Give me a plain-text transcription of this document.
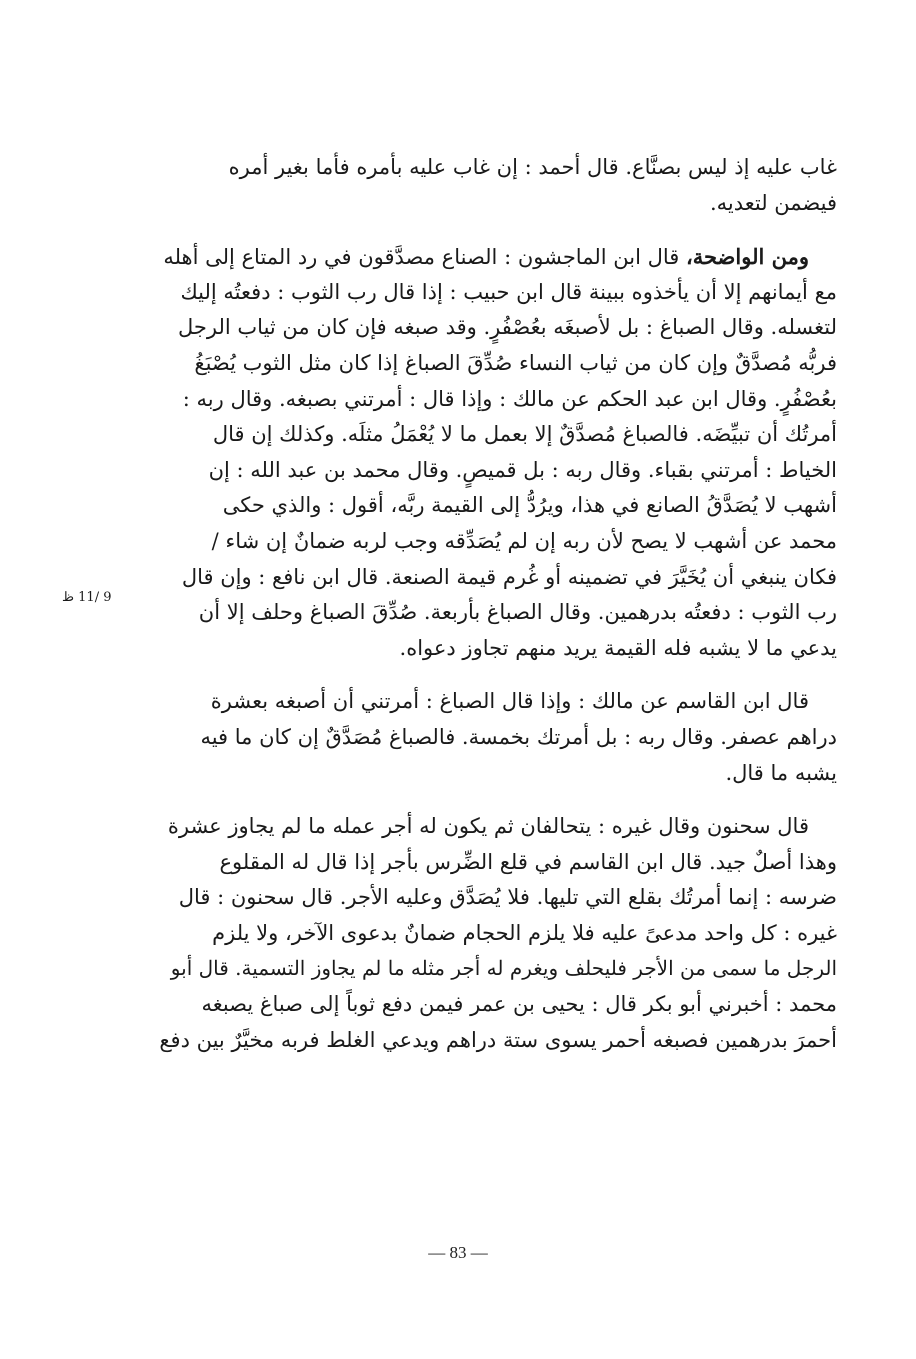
غاب عليه إذ ليس بصنَّاع. قال أحمد : إن غاب عليه بأمره فأما بغير أمره
فيضمن لتعديه.
ومن الواضحة، قال ابن الماجشون : الصناع مصدَّقون في رد المتاع إلى أهله
مع أيمانهم إلا أن يأخذوه ببينة قال ابن حبيب : إذا قال رب الثوب : دفعتُه إليك
لتغسله. وقال الصباغ : بل لأصبغَه بعُصْفُرٍ. وقد صبغه فإن كان من ثياب الرجل
فربُّه مُصدَّقٌ وإن كان من ثياب النساء صُدِّقَ الصباغ إذا كان مثل الثوب يُصْبَغُ
بعُصْفُرٍ. وقال ابن عبد الحكم عن مالك : وإذا قال : أمرتني بصبغه. وقال ربه :
أمرتُك أن تبيِّضَه. فالصباغ مُصدَّقٌ إلا بعمل ما لا يُعْمَلُ مثلَه. وكذلك إن قال
الخياط : أمرتني بقباء. وقال ربه : بل قميصٍ. وقال محمد بن عبد الله : إن
أشهب لا يُصَدَّقُ الصانع في هذا، ويرُدُّ إلى القيمة ربَّه، أقول : والذي حكى
محمد عن أشهب لا يصح لأن ربه إن لم يُصَدِّقه وجب لربه ضمانٌ إن شاء /
فكان ينبغي أن يُخَيَّرَ في تضمينه أو غُرم قيمة الصنعة. قال ابن نافع : وإن قال
رب الثوب : دفعتُه بدرهمين. وقال الصباغ بأربعة. صُدِّقَ الصباغ وحلف إلا أن
يدعي ما لا يشبه فله القيمة يريد منهم تجاوز دعواه.
قال ابن القاسم عن مالك : وإذا قال الصباغ : أمرتني أن أصبغه بعشرة
دراهم عصفر. وقال ربه : بل أمرتك بخمسة. فالصباغ مُصَدَّقٌ إن كان ما فيه
يشبه ما قال.
قال سحنون وقال غيره : يتحالفان ثم يكون له أجر عمله ما لم يجاوز عشرة
وهذا أصلٌ جيد. قال ابن القاسم في قلع الضِّرس بأجر إذا قال له المقلوع
ضرسه : إنما أمرتُك بقلع التي تليها. فلا يُصَدَّق وعليه الأجر. قال سحنون : قال
غيره : كل واحد مدعىً عليه فلا يلزم الحجام ضمانٌ بدعوى الآخر، ولا يلزم
الرجل ما سمى من الأجر فليحلف ويغرم له أجر مثله ما لم يجاوز التسمية. قال أبو
محمد : أخبرني أبو بكر قال : يحيى بن عمر فيمن دفع ثوباً إلى صباغ يصبغه
أحمرَ بدرهمين فصبغه أحمر يسوى ستة دراهم ويدعي الغلط فربه مخيَّرٌ بين دفع
9 /11 ظ
— 83 —
